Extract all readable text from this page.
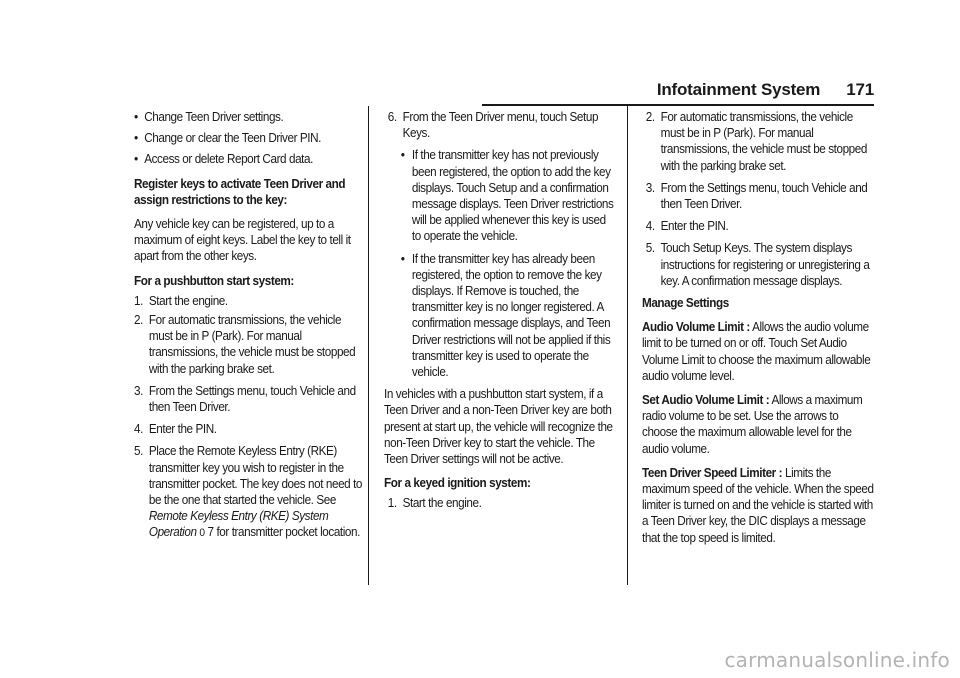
Infotainment System 171
• Change Teen Driver settings.
• Change or clear the Teen Driver PIN.
• Access or delete Report Card data.

Register keys to activate Teen Driver and assign restrictions to the key:

Any vehicle key can be registered, up to a maximum of eight keys. Label the key to tell it apart from the other keys.

For a pushbutton start system:

1. Start the engine.
2. For automatic transmissions, the vehicle must be in P (Park). For manual transmissions, the vehicle must be stopped with the parking brake set.
3. From the Settings menu, touch Vehicle and then Teen Driver.
4. Enter the PIN.
5. Place the Remote Keyless Entry (RKE) transmitter key you wish to register in the transmitter pocket. The key does not need to be the one that started the vehicle. See Remote Keyless Entry (RKE) System Operation 0 7 for transmitter pocket location.
6. From the Teen Driver menu, touch Setup Keys.
• If the transmitter key has not previously been registered, the option to add the key displays. Touch Setup and a confirmation message displays. Teen Driver restrictions will be applied whenever this key is used to operate the vehicle.
• If the transmitter key has already been registered, the option to remove the key displays. If Remove is touched, the transmitter key is no longer registered. A confirmation message displays, and Teen Driver restrictions will not be applied if this transmitter key is used to operate the vehicle.

In vehicles with a pushbutton start system, if a Teen Driver and a non-Teen Driver key are both present at start up, the vehicle will recognize the non-Teen Driver key to start the vehicle. The Teen Driver settings will not be active.

For a keyed ignition system:

1. Start the engine.
2. For automatic transmissions, the vehicle must be in P (Park). For manual transmissions, the vehicle must be stopped with the parking brake set.
3. From the Settings menu, touch Vehicle and then Teen Driver.
4. Enter the PIN.
5. Touch Setup Keys. The system displays instructions for registering or unregistering a key. A confirmation message displays.

Manage Settings

Audio Volume Limit : Allows the audio volume limit to be turned on or off. Touch Set Audio Volume Limit to choose the maximum allowable audio volume level.

Set Audio Volume Limit : Allows a maximum radio volume to be set. Use the arrows to choose the maximum allowable level for the audio volume.

Teen Driver Speed Limiter : Limits the maximum speed of the vehicle. When the speed limiter is turned on and the vehicle is started with a Teen Driver key, the DIC displays a message that the top speed is limited.

carmanualsonline.info
